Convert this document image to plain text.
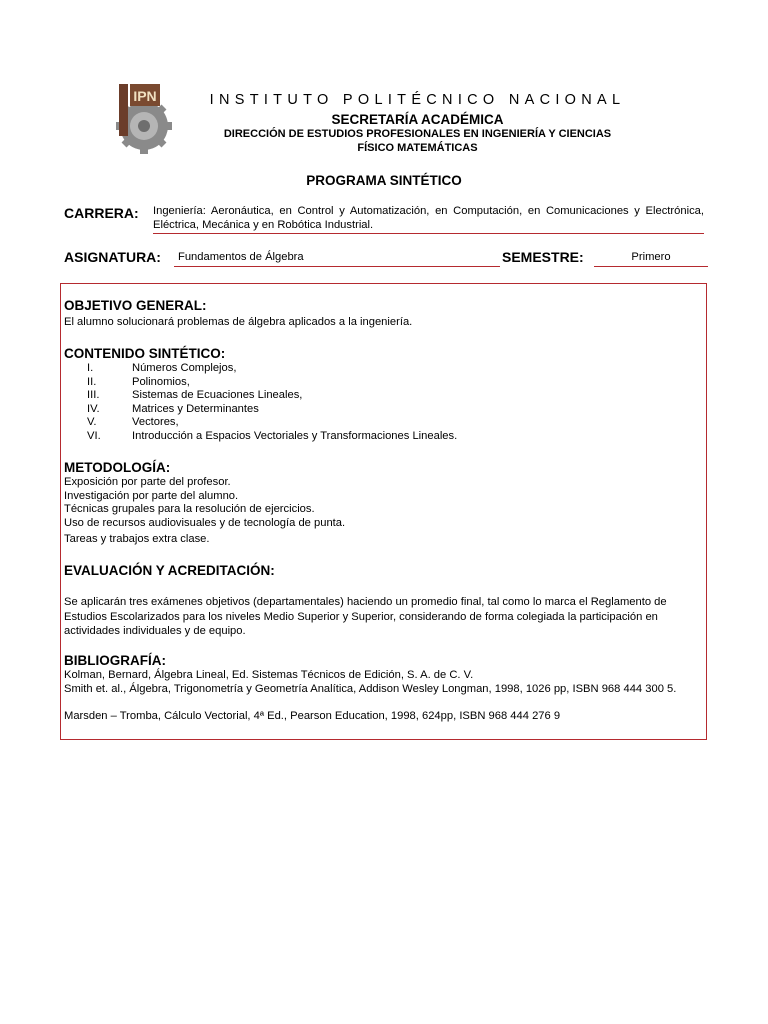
IPN	INSTITUTO POLITÉCNICO NACIONAL
SECRETARÍA ACADÉMICA
DIRECCIÓN DE ESTUDIOS PROFESIONALES EN INGENIERÍA Y CIENCIAS
FÍSICO MATEMÁTICAS
PROGRAMA SINTÉTICO
CARRERA: Ingeniería: Aeronáutica, en Control y Automatización, en Computación, en Comunicaciones y Electrónica, Eléctrica, Mecánica y en Robótica Industrial.
ASIGNATURA:	Fundamentos de Álgebra	SEMESTRE:	Primero
OBJETIVO GENERAL:
El alumno solucionará problemas de álgebra aplicados a la ingeniería.
CONTENIDO SINTÉTICO:
I.	Números Complejos,
II.	Polinomios,
III.	Sistemas de Ecuaciones Lineales,
IV.	Matrices y Determinantes
V.	Vectores,
VI.	Introducción a Espacios Vectoriales y Transformaciones Lineales.
METODOLOGÍA:
Exposición por parte del profesor.
Investigación por parte del alumno.
Técnicas grupales para la resolución de ejercicios.
Uso de recursos audiovisuales y de tecnología de punta.
Tareas y trabajos extra clase.
EVALUACIÓN Y ACREDITACIÓN:
Se aplicarán tres exámenes objetivos (departamentales) haciendo un promedio final, tal como lo marca el Reglamento de Estudios Escolarizados para los niveles Medio Superior y Superior, considerando de forma colegiada la participación en actividades individuales y de equipo.
BIBLIOGRAFÍA:
Kolman, Bernard, Álgebra Lineal, Ed. Sistemas Técnicos de Edición, S. A. de C. V.
Smith et. al., Álgebra, Trigonometría y Geometría Analítica, Addison Wesley Longman, 1998, 1026 pp, ISBN 968 444 300 5.
Marsden – Tromba, Cálculo Vectorial, 4ª Ed., Pearson Education, 1998, 624pp, ISBN 968 444 276 9
